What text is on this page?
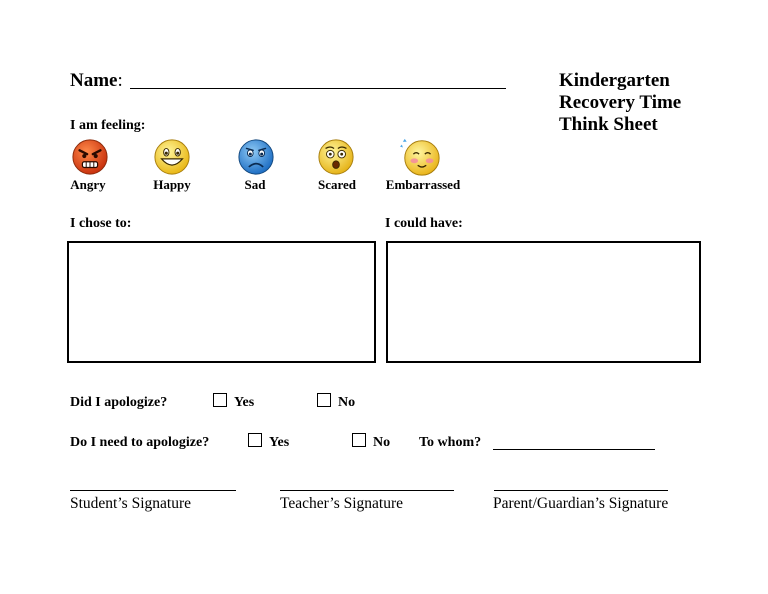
Name:	Kindergarten
Recovery Time
Think Sheet
I am feeling:
Angry	Happy	Sad	Scared	Embarrassed
I chose to:	I could have:
Did I apologize?	Yes	No
Do I need to apologize?	Yes	No To whom?
Student’s Signature	Teacher’s Signature	Parent/Guardian’s Signature
